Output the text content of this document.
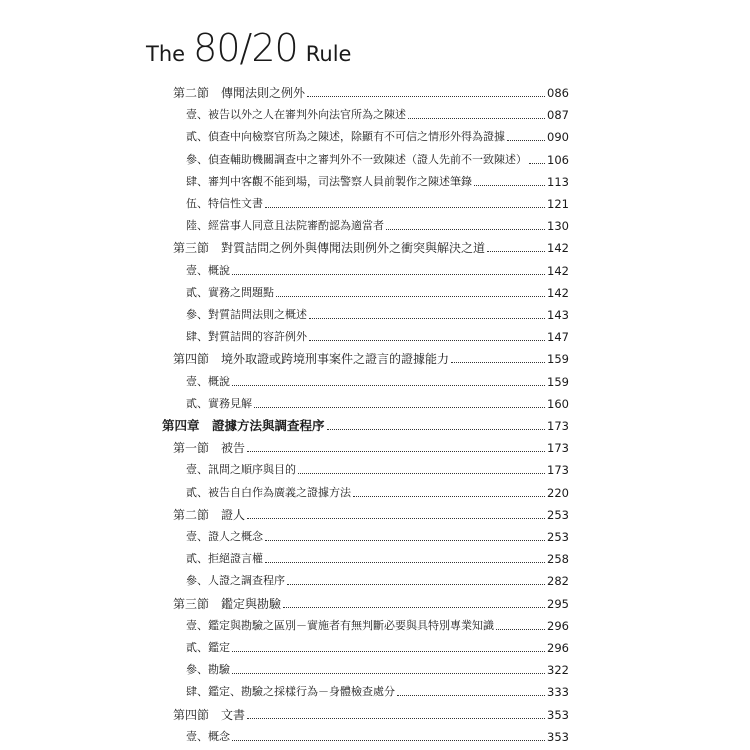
The 80/20 Rule
第二節　傳聞法則之例外	086
壹、被告以外之人在審判外向法官所為之陳述	087
貳、偵查中向檢察官所為之陳述，除顯有不可信之情形外得為證據	090
參、偵查輔助機關調查中之審判外不一致陳述（證人先前不一致陳述） 106
肆、審判中客觀不能到場，司法警察人員前製作之陳述筆錄	113
伍、特信性文書	121
陸、經當事人同意且法院審酌認為適當者	130
第三節　對質詰問之例外與傳聞法則例外之衝突與解決之道	142
壹、概說	142
貳、實務之問題點	142
參、對質詰問法則之概述	143
肆、對質詰問的容許例外	147
第四節　境外取證或跨境刑事案件之證言的證據能力	159
壹、概說	159
貳、實務見解	160
第四章　證據方法與調查程序	173
第一節　被告	173
壹、訊問之順序與目的	173
貳、被告自白作為廣義之證據方法	220
第二節　證人	253
壹、證人之概念	253
貳、拒絕證言權	258
參、人證之調查程序	282
第三節　鑑定與勘驗	295
壹、鑑定與勘驗之區別－實施者有無判斷必要與具特別專業知識	296
貳、鑑定	296
參、勘驗	322
肆、鑑定、勘驗之採樣行為－身體檢查處分	333
第四節　文書	353
壹、概念	353
